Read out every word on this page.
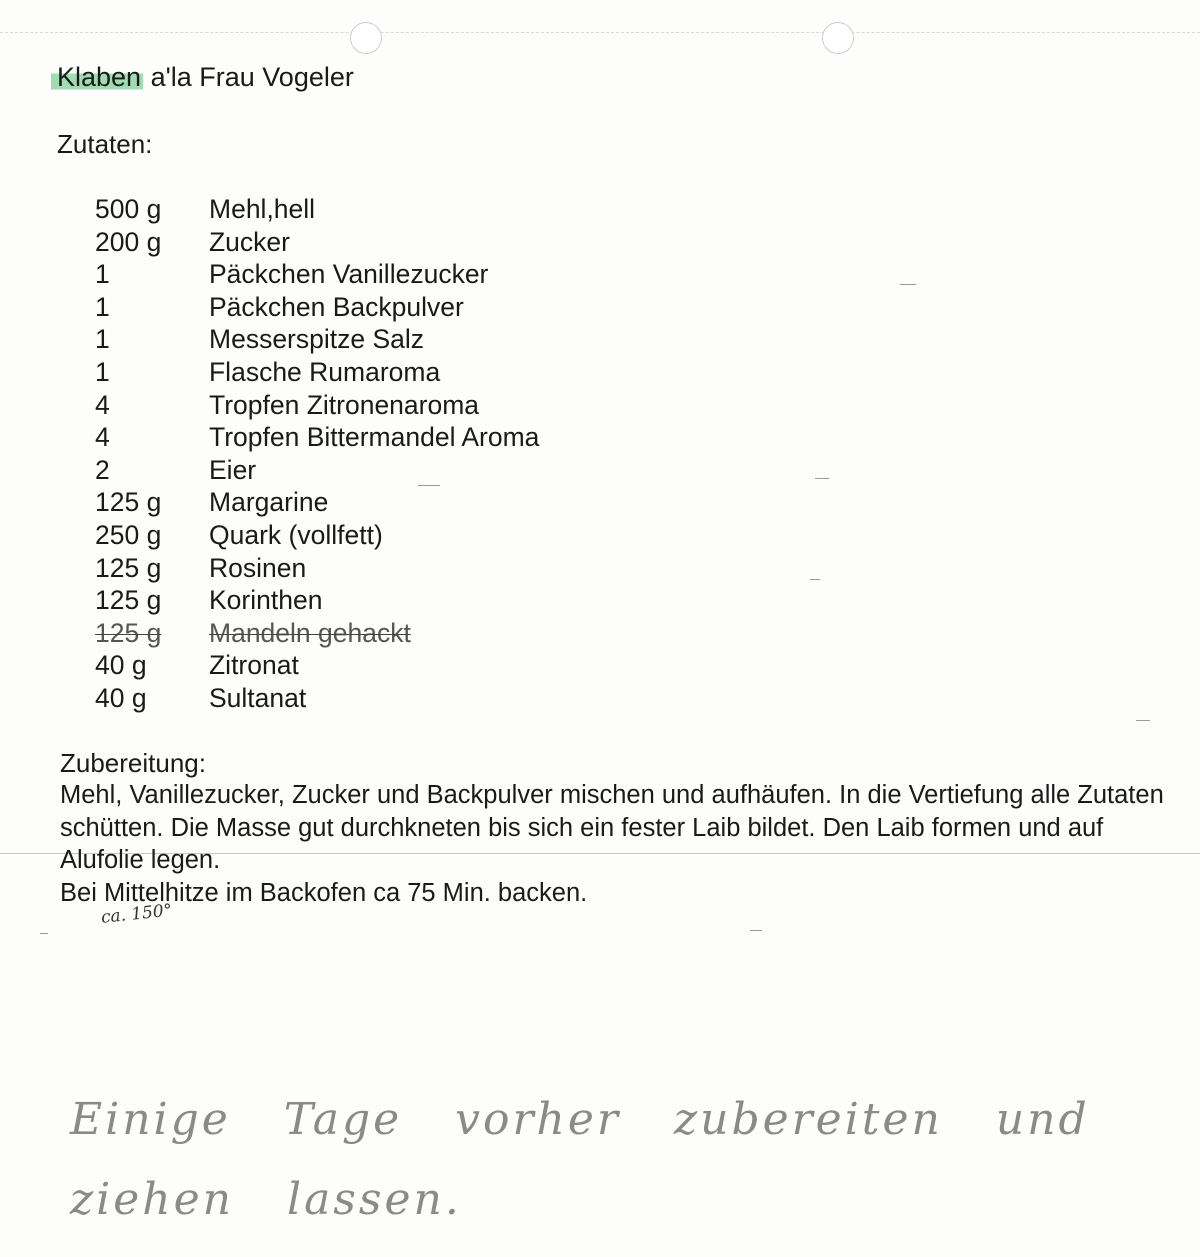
Klaben a'la Frau Vogeler
Zutaten:
500 g Mehl,hell
200 g Zucker
1	Päckchen Vanillezucker
1	Päckchen Backpulver
1	Messerspitze Salz
1	Flasche Rumaroma
4	Tropfen Zitronenaroma
4	Tropfen Bittermandel Aroma
2	Eier
125 g Margarine
250 g Quark (vollfett)
125 g Rosinen
125 g Korinthen
125 g Mandeln gehackt
40 g Zitronat
40 g Sultanat
Zubereitung:

Mehl, Vanillezucker, Zucker und Backpulver mischen und aufhäufen. In die Vertiefung alle Zutaten schütten. Die Masse gut durchkneten bis sich ein fester Laib bildet. Den Laib formen und auf Alufolie legen.

Bei Mittelhitze im Backofen ca 75 Min. backen.

ca. 150°
Einige Tage vorher zubereiten und ziehen lassen.
